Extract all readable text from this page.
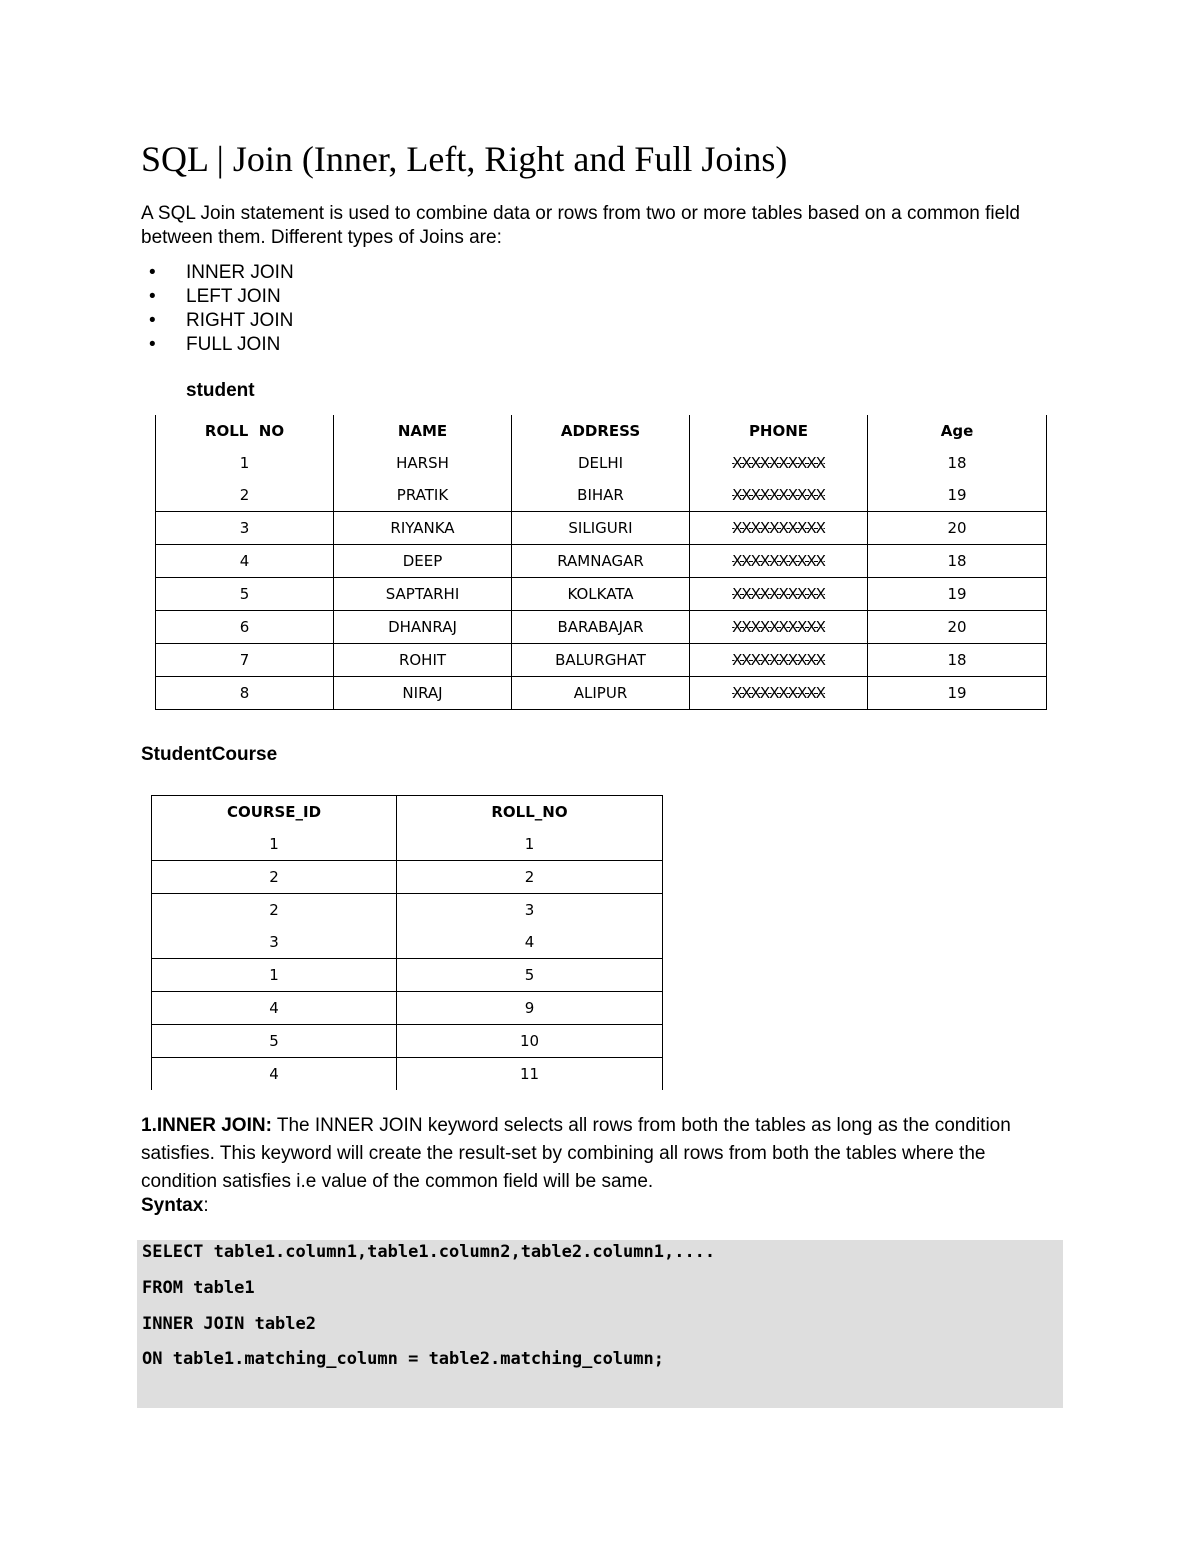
SQL | Join (Inner, Left, Right and Full Joins)
A SQL Join statement is used to combine data or rows from two or more tables based on a common field between them. Different types of Joins are:
• INNER JOIN
• LEFT JOIN
• RIGHT JOIN
• FULL JOIN
student
ROLL  NO	NAME	ADDRESS	PHONE	Age
1	HARSH	DELHI	XXXXXXXXXX	18
2	PRATIK	BIHAR	XXXXXXXXXX	19
3	RIYANKA	SILIGURI	XXXXXXXXXX	20
4	DEEP	RAMNAGAR	XXXXXXXXXX	18
5	SAPTARHI	KOLKATA	XXXXXXXXXX	19
6	DHANRAJ	BARABAJAR	XXXXXXXXXX	20
7	ROHIT	BALURGHAT	XXXXXXXXXX	18
8	NIRAJ	ALIPUR	XXXXXXXXXX	19
StudentCourse
COURSE_ID	ROLL_NO
1	1
2	2
2	3
3	4
1	5
4	9
5	10
4	11
1.INNER JOIN: The INNER JOIN keyword selects all rows from both the tables as long as the condition satisfies. This keyword will create the result-set by combining all rows from both the tables where the condition satisfies i.e value of the common field will be same.
Syntax:
SELECT table1.column1,table1.column2,table2.column1,....
FROM table1
INNER JOIN table2
ON table1.matching_column = table2.matching_column;
